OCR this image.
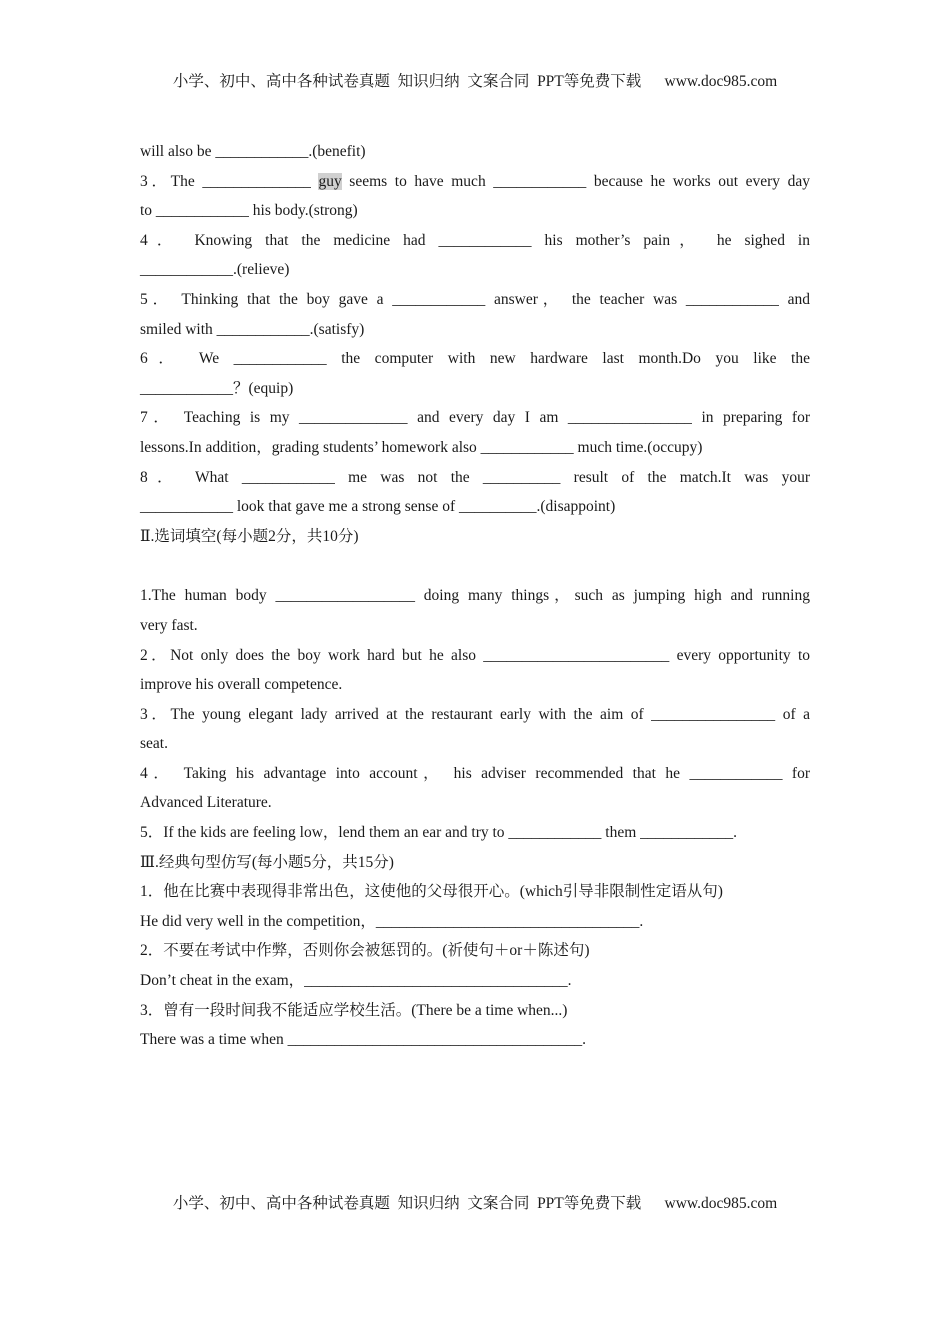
小学、初中、高中各种试卷真题  知识归纳  文案合同  PPT等免费下载      www.doc985.com
will also be ____________.(benefit)
3．The ______________ guy seems to have much ____________ because he works out every day
to ____________ his body.(strong)
4． Knowing that the medicine had ____________ his mother’s pain， he sighed in
____________.(relieve)
5． Thinking that the boy gave a ____________ answer， the teacher was ____________ and
smiled with ____________.(satisfy)
6． We ____________ the computer with new hardware last month.Do you like the
____________？(equip)
7． Teaching is my ______________ and every day I am ________________ in preparing for
lessons.In addition，grading students’ homework also ____________ much time.(occupy)
8． What ____________ me was not the __________ result of the match.It was your
____________ look that gave me a strong sense of __________.(disappoint)
Ⅱ.选词填空(每小题2分，共10分)
1.The human body __________________ doing many things，such as jumping high and running
very fast.
2．Not only does the boy work hard but he also ________________________ every opportunity to
improve his overall competence.
3．The young elegant lady arrived at the restaurant early with the aim of ________________ of a
seat.
4． Taking his advantage into account， his adviser recommended that he ____________ for
Advanced Literature.
5．If the kids are feeling low，lend them an ear and try to ____________ them ____________.
Ⅲ.经典句型仿写(每小题5分，共15分)
1．他在比赛中表现得非常出色，这使他的父母很开心。(which引导非限制性定语从句)
He did very well in the competition，__________________________________.
2．不要在考试中作弊，否则你会被惩罚的。(祈使句＋or＋陈述句)
Don’t cheat in the exam，__________________________________.
3．曾有一段时间我不能适应学校生活。(There be a time when...)
There was a time when ______________________________________.
小学、初中、高中各种试卷真题  知识归纳  文案合同  PPT等免费下载      www.doc985.com
